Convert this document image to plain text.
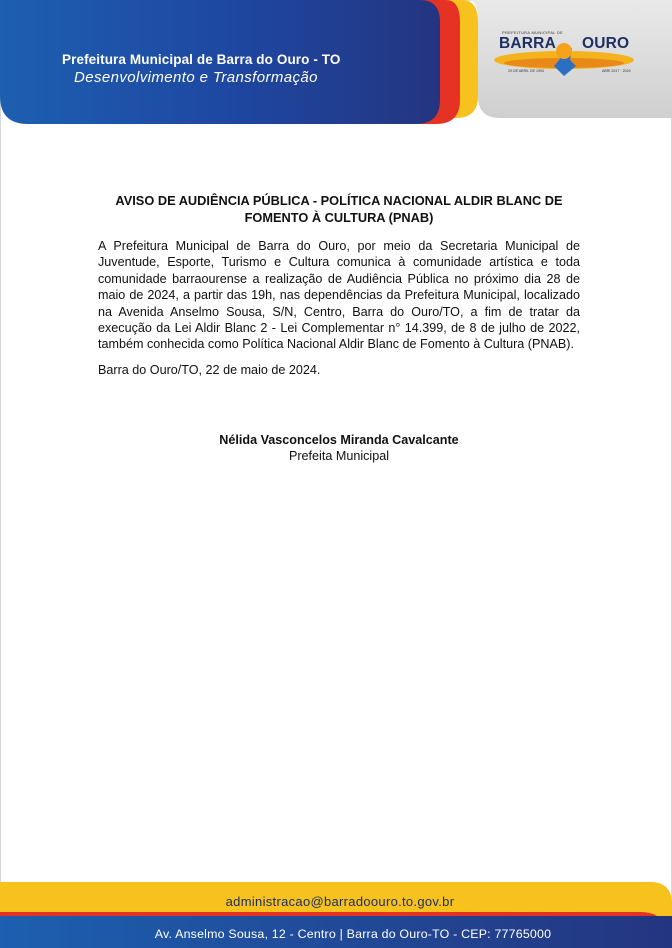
Prefeitura Municipal de Barra do Ouro - TO
Desenvolvimento e Transformação
PREFEITURA MUNICIPAL DE
BARRA OURO
20 DE ABRIL DE 1994	ABRI 2017 · 2024

AVISO DE AUDIÊNCIA PÚBLICA - POLÍTICA NACIONAL ALDIR BLANC DE FOMENTO À CULTURA (PNAB)

A Prefeitura Municipal de Barra do Ouro, por meio da Secretaria Municipal de Juventude, Esporte, Turismo e Cultura comunica à comunidade artística e toda comunidade barraourense a realização de Audiência Pública no próximo dia 28 de maio de 2024, a partir das 19h, nas dependências da Prefeitura Municipal, localizado na Avenida Anselmo Sousa, S/N, Centro, Barra do Ouro/TO, a fim de tratar da execução da Lei Aldir Blanc 2 - Lei Complementar n° 14.399, de 8 de julho de 2022, também conhecida como Política Nacional Aldir Blanc de Fomento à Cultura (PNAB).

Barra do Ouro/TO, 22 de maio de 2024.

Nélida Vasconcelos Miranda Cavalcante
Prefeita Municipal
administracao@barradoouro.to.gov.br
Av. Anselmo Sousa, 12 - Centro | Barra do Ouro-TO - CEP: 77765000
